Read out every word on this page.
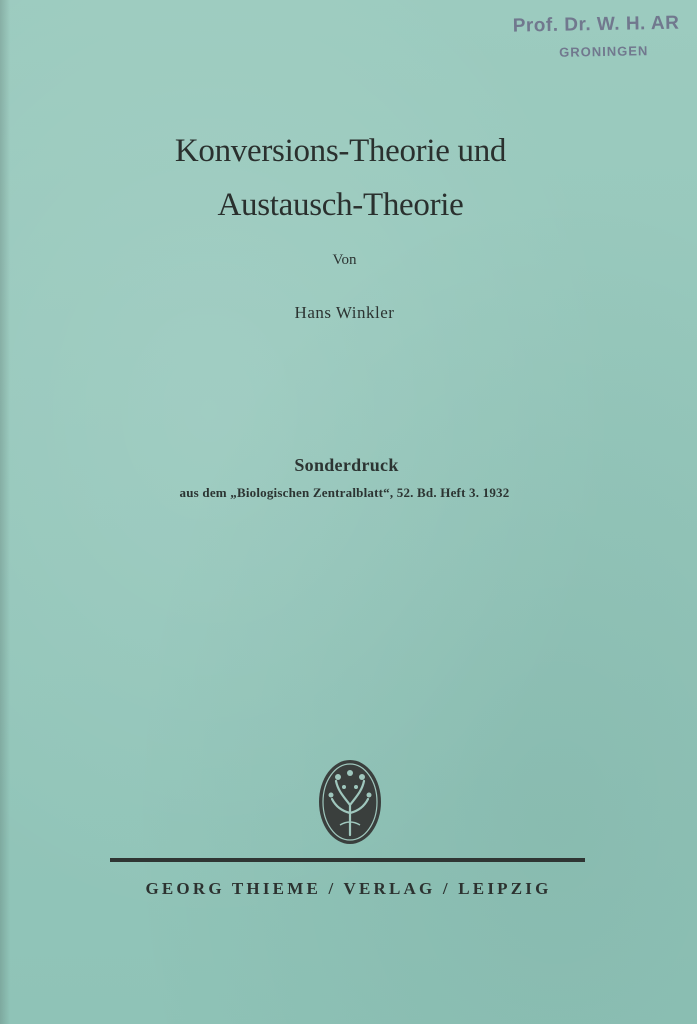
Prof. Dr. W. H. AR
GRONINGEN
Konversions-Theorie und
Austausch-Theorie
Von
Hans Winkler
Sonderdruck
aus dem „Biologischen Zentralblatt“, 52. Bd. Heft 3. 1932
GEORG THIEME / VERLAG / LEIPZIG
